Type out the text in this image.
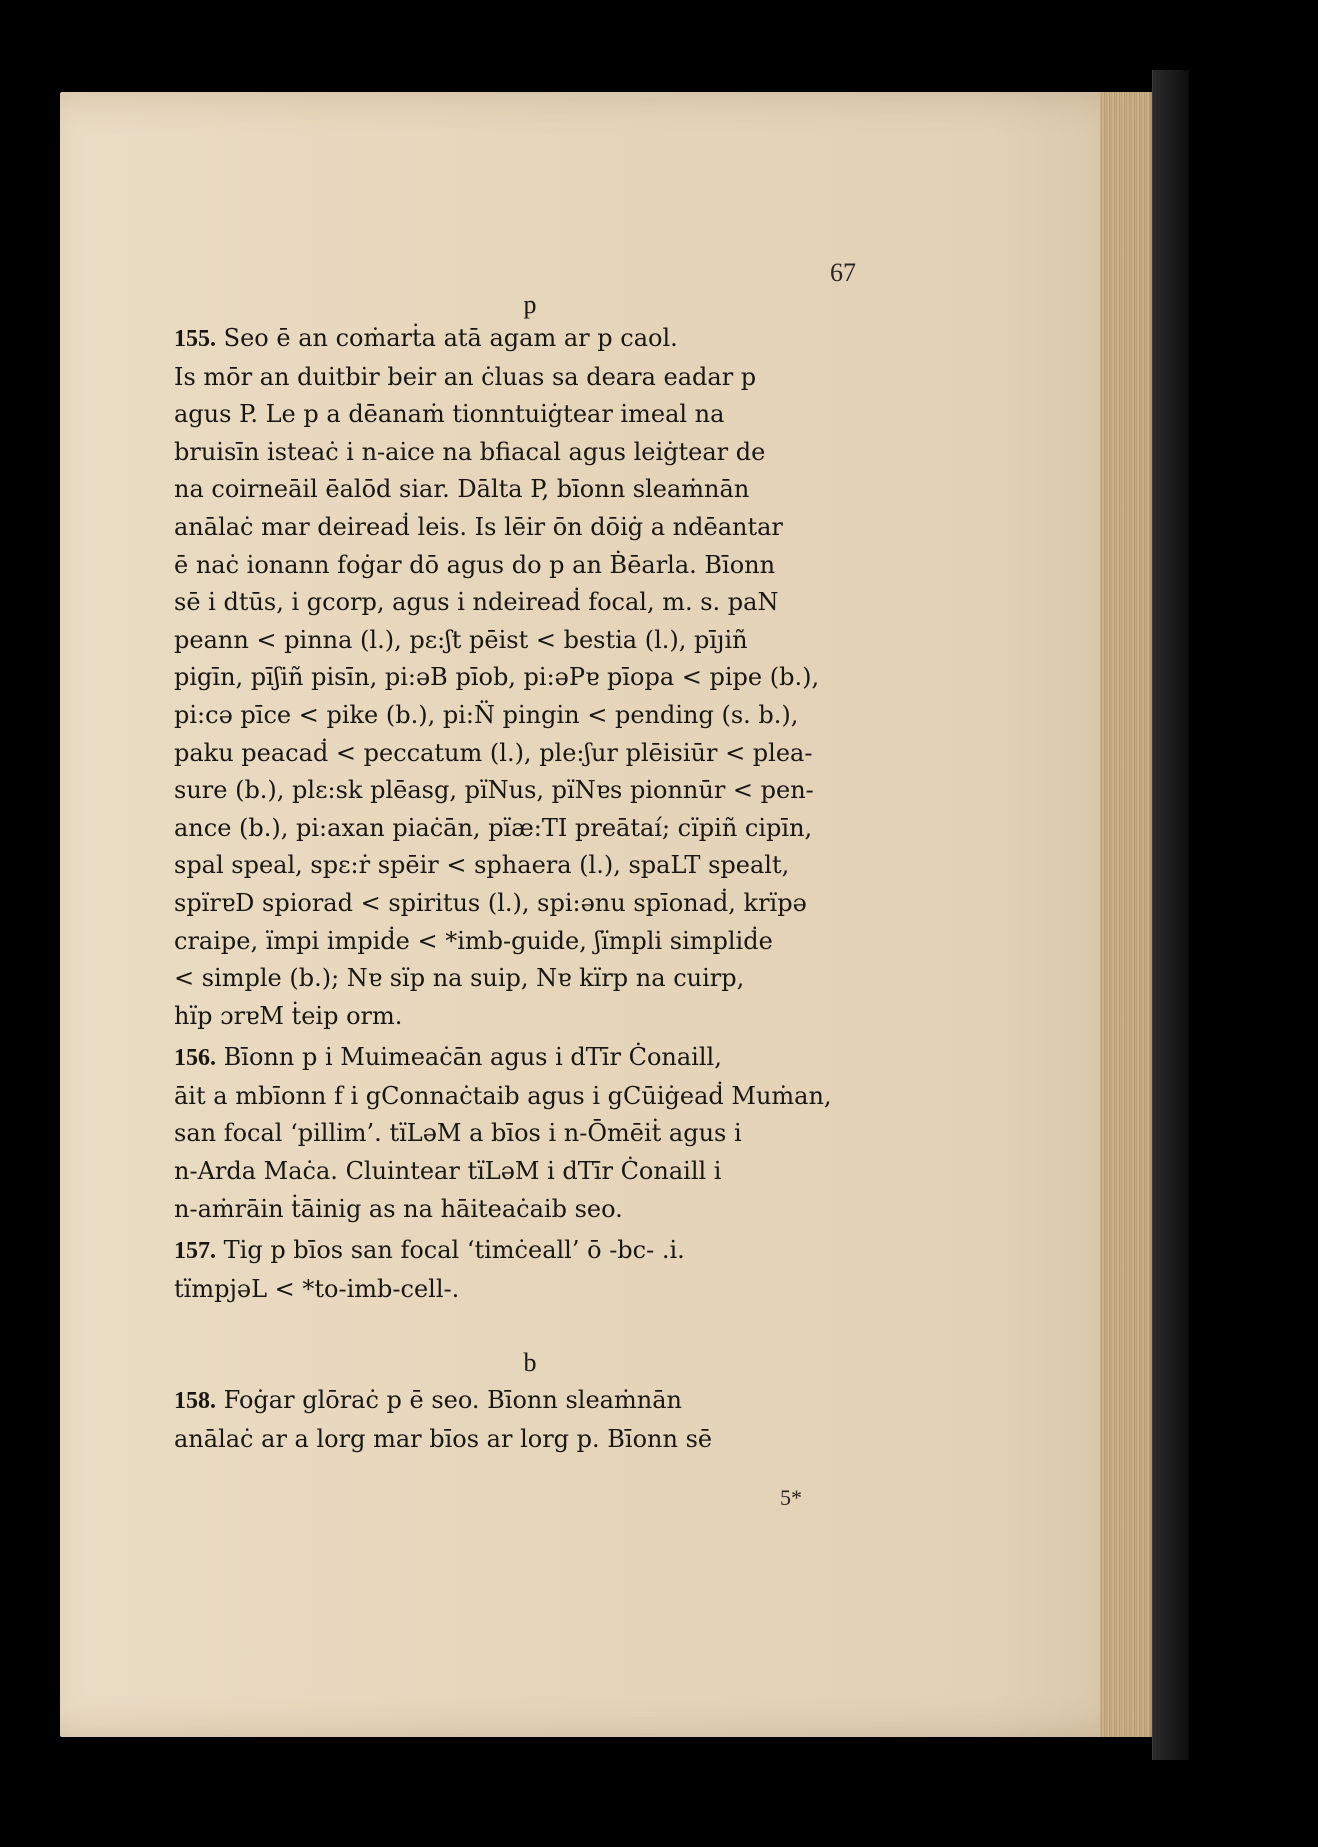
67
p
155. Seo ē an coṁarṫa atā agam ar p caol.
Is mōr an duitbir beir an ċluas sa dearа eadar p
agus P. Le p a dēanaṁ tionntuiġtear imeal na
bruisīn isteaċ i n-aice na bfiacal agus leiġtear de
na coirneāil ēalōd siar. Dālta P, bīonn sleaṁnān
anālaċ mar deireaḋ leis. Is lēir ōn dōiġ a ndēantar
ē naċ ionann foġar dō agus do p an Ḃēarla. Bīonn
sē i dtūs, i gcorp, agus i ndeireaḋ focal, m. s. paN
peann < pinna (l.), pɛ:ʃt pēist < bestia (l.), pīȷiñ
pigīn, pīʃiñ pisīn, pi:əB pīob, pi:əPɐ pīopa < pipe (b.),
pi:cə pīce < pike (b.), pi:N̈ pingin < pending (s. b.),
paku peacaḋ < peccatum (l.), ple:ʃur plēisiūr < plea-
sure (b.), plɛ:sk plēasg, pïNus, pïNɐs pionnūr < pen-
ance (b.), pi:axan piaċān, pïæ:TI preātaí; cïpiñ cipīn,
spal speal, spɛ:ṙ spēir < sphaera (l.), spaLT spealt,
spïrɐD spiorad < spiritus (l.), spi:ənu spīonaḋ, krïpə
craipe, ïmpi impiḋe < *imb-guide, ʃïmpli simpliḋe
< simple (b.); Nɐ sïp na suip, Nɐ kïrp na cuirp,
hïp ɔrɐM ṫeip orm.
156. Bīonn p i Muimeaċān agus i dTīr Ċonaill,
āit a mbīonn f i gConnaċtaib agus i gCūiġeaḋ Muṁan,
san focal ‘pillim’. tïLəM a bīos i n-Ōmēiṫ agus i
n-Arda Maċa. Cluintear tïLəM i dTīr Ċonaill i
n-aṁrāin ṫāinig as na hāiteaċaib seo.
157. Tig p bīos san focal ‘timċeall’ ō -bc- .i.
tïmpjəL < *to-imb-cell-.
b
158. Foġar glōraċ p ē seo. Bīonn sleaṁnān
anālaċ ar a lorg mar bīos ar lorg p. Bīonn sē
5*
